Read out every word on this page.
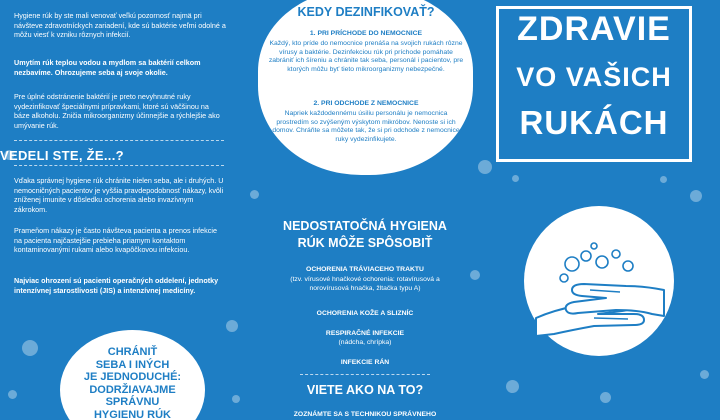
Hygiene rúk by ste mali venovať veľkú pozornosť najmä pri návšteve zdravotníckych zariadení, kde sú baktérie veľmi odolné a môžu viesť k vzniku rôznych infekcií.
Umytím rúk teplou vodou a mydlom sa baktérií celkom nezbavíme. Ohrozujeme seba aj svoje okolie.
Pre úplné odstránenie baktérií je preto nevyhnutné ruky vydezinfikovať špeciálnymi prípravkami, ktoré sú väčšinou na báze alkoholu. Zničia mikroorganizmy účinnejšie a rýchlejšie ako umývanie rúk.
VEDELI STE, ŽE...?
Vďaka správnej hygiene rúk chránite nielen seba, ale i druhých. U nemocničných pacientov je vyššia pravdepodobnosť nákazy, kvôli zníženej imunite v dôsledku ochorenia alebo invazívnym zákrokom.
Prameňom nákazy je často návšteva pacienta a prenos infekcie na pacienta najčastejšie prebieha priamym kontaktom kontaminovanými rukami alebo kvapôčkovou infekciou.
Najviac ohrození sú pacienti operačných oddelení, jednotky intenzívnej starostlivosti (JIS) a intenzívnej medicíny.
CHRÁNIŤ
SEBA I INÝCH
JE JEDNODUCHÉ:
DODRŽIAVAJME
SPRÁVNU
HYGIENU RÚK
KEDY DEZINFIKOVAŤ?
1. PRI PRÍCHODE DO NEMOCNICE
Každý, kto príde do nemocnice prenáša na svojich rukách rôzne vírusy a baktérie. Dezinfekciou rúk pri príchode pomáhate zabrániť ich šíreniu a chránite tak seba, personál i pacientov, pre ktorých môžu byť tieto mikroorganizmy nebezpečné.
2. PRI ODCHODE Z NEMOCNICE
Napriek každodennému úsiliu personálu je nemocnica prostredím so zvýšeným výskytom mikróbov. Nenoste si ich domov. Chráňte sa môžete tak, že si pri odchode z nemocnice ruky vydezinfikujete.
NEDOSTATOČNÁ HYGIENA
RÚK MÔŽE SPÔSOBIŤ
OCHORENIA TRÁVIACEHO TRAKTU
(tzv. vírusové hnačkové ochorenia: rotavírusová a norovírusová hnačka, žltačka typu A)
OCHORENIA KOŽE A SLIZNÍC
RESPIRAČNÉ INFEKCIE
(nádcha, chrípka)
INFEKCIE RÁN
VIETE AKO NA TO?
ZOZNÁMTE SA S TECHNIKOU SPRÁVNEHO
ZDRAVIE
VO VAŠICH
RUKÁCH
